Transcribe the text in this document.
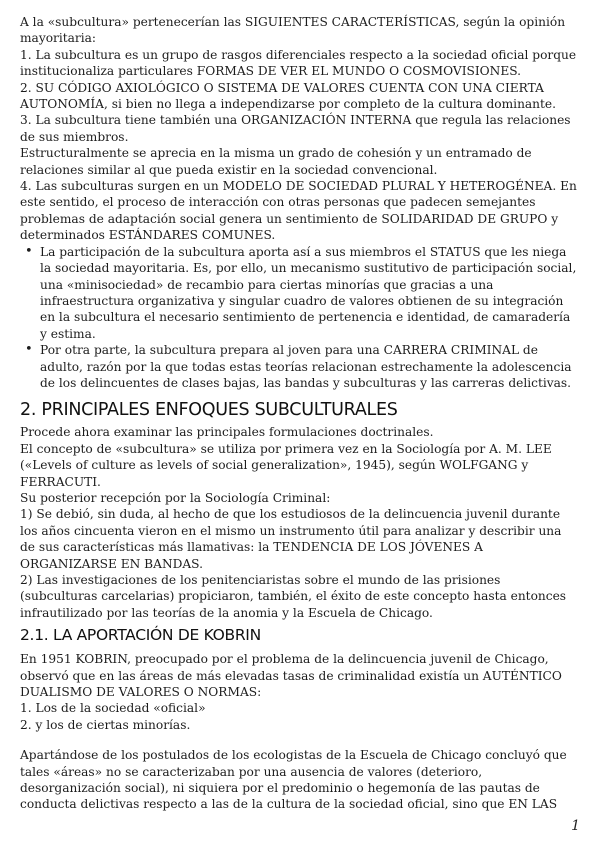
A la «subcultura» pertenecerían las SIGUIENTES CARACTERÍSTICAS, según la opinión mayoritaria:

1. La subcultura es un grupo de rasgos diferenciales respecto a la sociedad oficial porque institucionaliza particulares FORMAS DE VER EL MUNDO O COSMOVISIONES.

2. SU CÓDIGO AXIOLÓGICO O SISTEMA DE VALORES CUENTA CON UNA CIERTA AUTONOMÍA, si bien no llega a independizarse por completo de la cultura dominante.

3. La subcultura tiene también una ORGANIZACIÓN INTERNA que regula las relaciones de sus miembros.

Estructuralmente se aprecia en la misma un grado de cohesión y un entramado de relaciones similar al que pueda existir en la sociedad convencional.

4. Las subculturas surgen en un MODELO DE SOCIEDAD PLURAL Y HETEROGÉNEA. En este sentido, el proceso de interacción con otras personas que padecen semejantes problemas de adaptación social genera un sentimiento de SOLIDARIDAD DE GRUPO y determinados ESTÁNDARES COMUNES.

• La participación de la subcultura aporta así a sus miembros el STATUS que les niega la sociedad mayoritaria. Es, por ello, un mecanismo sustitutivo de participación social, una «minisociedad» de recambio para ciertas minorías que gracias a una infraestructura organizativa y singular cuadro de valores obtienen de su integración en la subcultura el necesario sentimiento de pertenencia e identidad, de camaradería y estima.
• Por otra parte, la subcultura prepara al joven para una CARRERA CRIMINAL de adulto, razón por la que todas estas teorías relacionan estrechamente la adolescencia de los delincuentes de clases bajas, las bandas y subculturas y las carreras delictivas.
2. PRINCIPALES ENFOQUES SUBCULTURALES

Procede ahora examinar las principales formulaciones doctrinales.

El concepto de «subcultura» se utiliza por primera vez en la Sociología por A. M. LEE («Levels of culture as levels of social generalization», 1945), según WOLFGANG y FERRACUTI.

Su posterior recepción por la Sociología Criminal:

1) Se debió, sin duda, al hecho de que los estudiosos de la delincuencia juvenil durante los años cincuenta vieron en el mismo un instrumento útil para analizar y describir una de sus características más llamativas: la TENDENCIA DE LOS JÓVENES A ORGANIZARSE EN BANDAS.

2) Las investigaciones de los penitenciaristas sobre el mundo de las prisiones (subculturas carcelarias) propiciaron, también, el éxito de este concepto hasta entonces infrautilizado por las teorías de la anomia y la Escuela de Chicago.

2.1. LA APORTACIÓN DE KOBRIN

En 1951 KOBRIN, preocupado por el problema de la delincuencia juvenil de Chicago, observó que en las áreas de más elevadas tasas de criminalidad existía un AUTÉNTICO DUALISMO DE VALORES O NORMAS:

1. Los de la sociedad «oficial»

2. y los de ciertas minorías.

Apartándose de los postulados de los ecologistas de la Escuela de Chicago concluyó que tales «áreas» no se caracterizaban por una ausencia de valores (deterioro, desorganización social), ni siquiera por el predominio o hegemonía de las pautas de conducta delictivas respecto a las de la cultura de la sociedad oficial, sino que EN LAS

1
